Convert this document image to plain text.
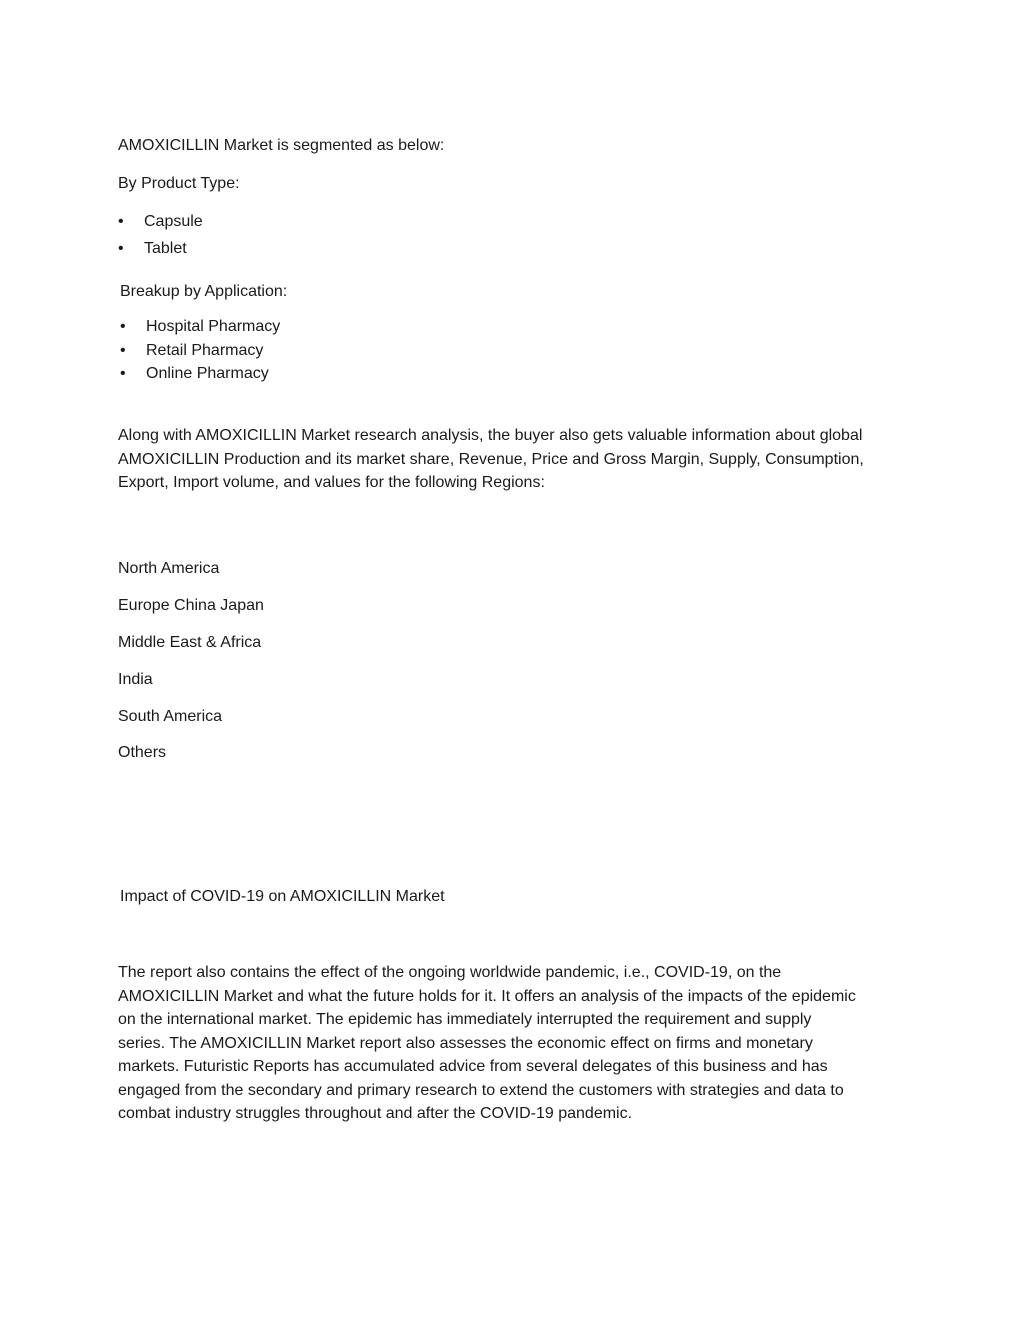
AMOXICILLIN Market is segmented as below:

By Product Type:

• Capsule
• Tablet

Breakup by Application:

• Hospital Pharmacy
• Retail Pharmacy
• Online Pharmacy
Along with AMOXICILLIN Market research analysis, the buyer also gets valuable information about global
AMOXICILLIN Production and its market share, Revenue, Price and Gross Margin, Supply, Consumption,
Export, Import volume, and values for the following Regions:
North America
Europe China Japan
Middle East & Africa
India
South America
Others

Impact of COVID-19 on AMOXICILLIN Market

The report also contains the effect of the ongoing worldwide pandemic, i.e., COVID-19, on the
AMOXICILLIN Market and what the future holds for it. It offers an analysis of the impacts of the epidemic
on the international market. The epidemic has immediately interrupted the requirement and supply
series. The AMOXICILLIN Market report also assesses the economic effect on firms and monetary
markets. Futuristic Reports has accumulated advice from several delegates of this business and has
engaged from the secondary and primary research to extend the customers with strategies and data to
combat industry struggles throughout and after the COVID-19 pandemic.
